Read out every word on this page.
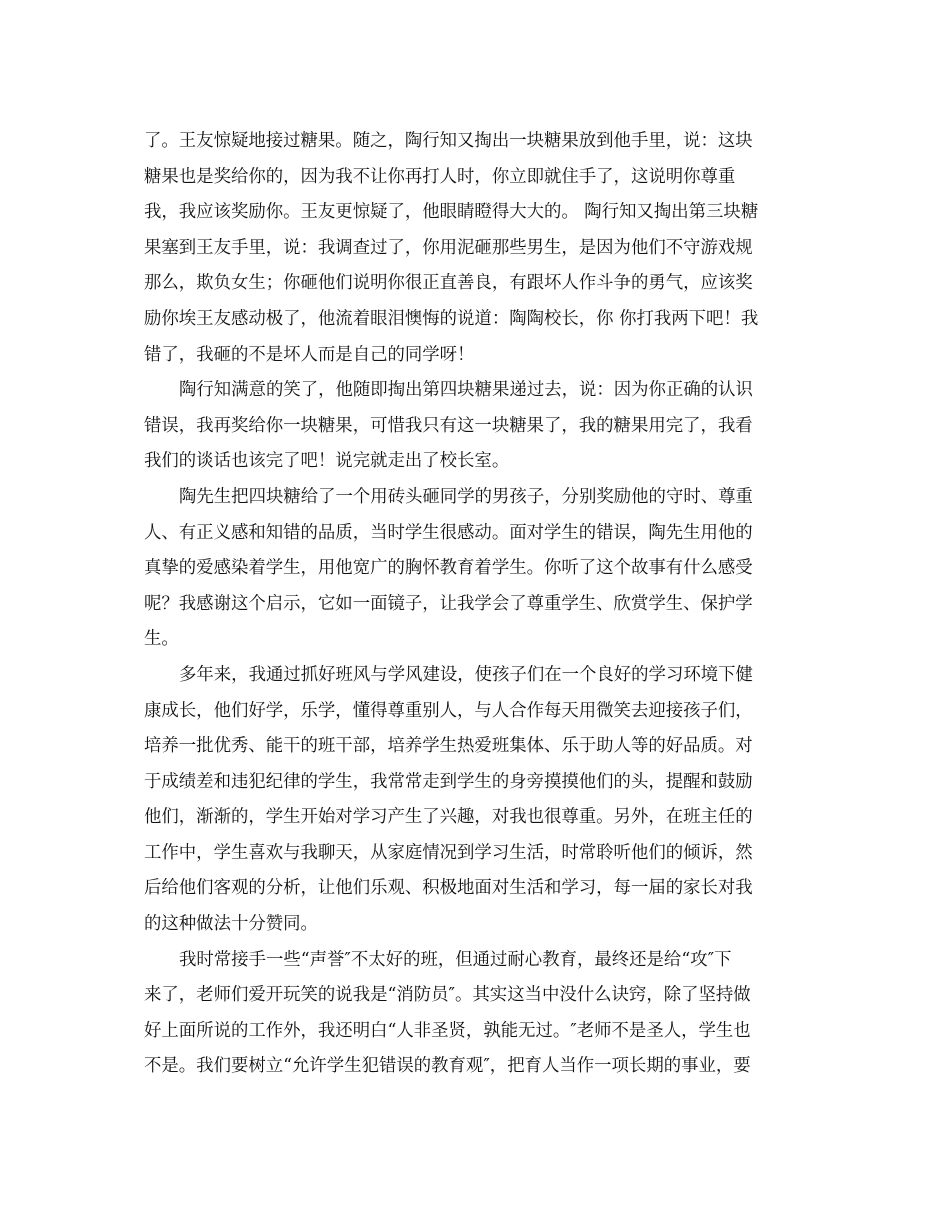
了。王友惊疑地接过糖果。随之，陶行知又掏出一块糖果放到他手里，说：这块
糖果也是奖给你的，因为我不让你再打人时，你立即就住手了，这说明你尊重
我，我应该奖励你。王友更惊疑了，他眼睛瞪得大大的。 陶行知又掏出第三块糖
果塞到王友手里，说：我调查过了，你用泥砸那些男生，是因为他们不守游戏规
那么，欺负女生；你砸他们说明你很正直善良，有跟坏人作斗争的勇气，应该奖
励你埃王友感动极了，他流着眼泪懊悔的说道：陶陶校长，你 你打我两下吧！我
错了，我砸的不是坏人而是自己的同学呀！
陶行知满意的笑了，他随即掏出第四块糖果递过去，说：因为你正确的认识
错误，我再奖给你一块糖果，可惜我只有这一块糖果了，我的糖果用完了，我看
我们的谈话也该完了吧！说完就走出了校长室。
陶先生把四块糖给了一个用砖头砸同学的男孩子，分别奖励他的守时、尊重
人、有正义感和知错的品质，当时学生很感动。面对学生的错误，陶先生用他的
真挚的爱感染着学生，用他宽广的胸怀教育着学生。你听了这个故事有什么感受
呢？我感谢这个启示，它如一面镜子，让我学会了尊重学生、欣赏学生、保护学
生。
多年来，我通过抓好班风与学风建设，使孩子们在一个良好的学习环境下健
康成长，他们好学，乐学，懂得尊重别人，与人合作每天用微笑去迎接孩子们，
培养一批优秀、能干的班干部，培养学生热爱班集体、乐于助人等的好品质。对
于成绩差和违犯纪律的学生，我常常走到学生的身旁摸摸他们的头，提醒和鼓励
他们，渐渐的，学生开始对学习产生了兴趣，对我也很尊重。另外，在班主任的
工作中，学生喜欢与我聊天，从家庭情况到学习生活，时常聆听他们的倾诉，然
后给他们客观的分析，让他们乐观、积极地面对生活和学习，每一届的家长对我
的这种做法十分赞同。
我时常接手一些“声誉″不太好的班，但通过耐心教育，最终还是给“攻″下
来了，老师们爱开玩笑的说我是“消防员″。其实这当中没什么诀窍，除了坚持做
好上面所说的工作外，我还明白“人非圣贤，孰能无过。″老师不是圣人，学生也
不是。我们要树立“允许学生犯错误的教育观″，把育人当作一项长期的事业，要
